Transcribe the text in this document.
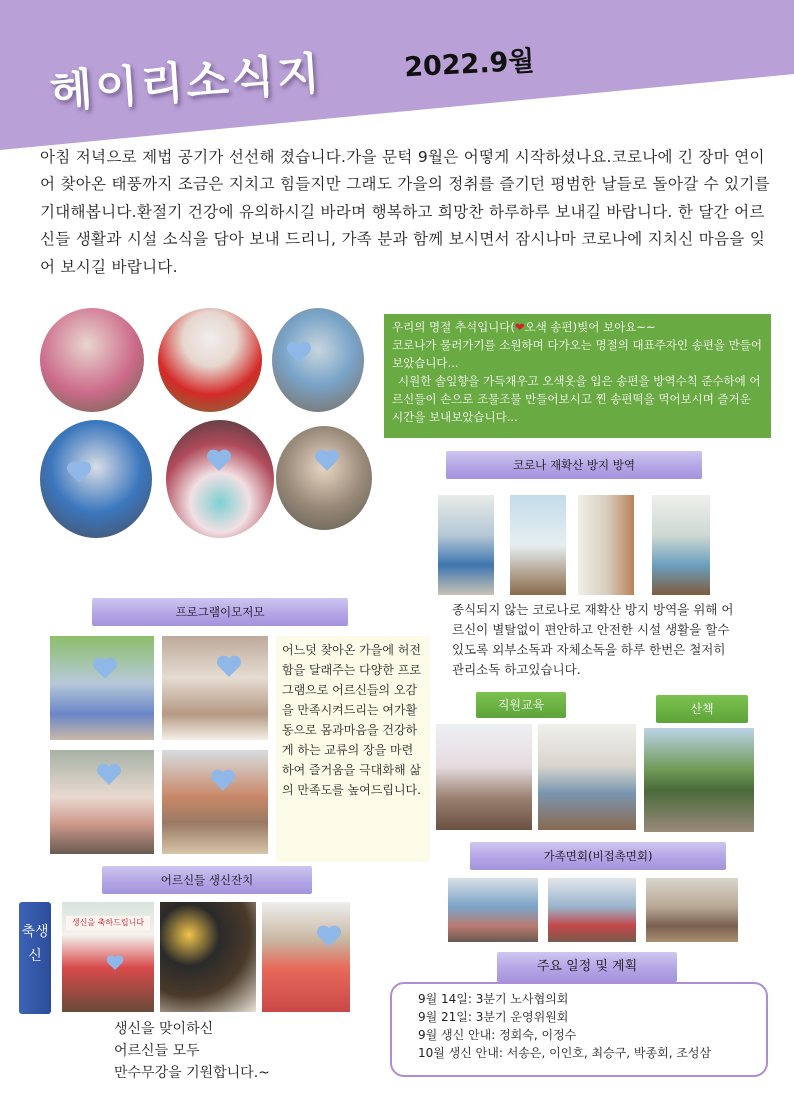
헤이리소식지	2022.9월
아침 저녁으로 제법 공기가 선선해 졌습니다.가을 문턱 9월은 어떻게 시작하셨나요.코로나에 긴 장마 연이어 찾아온 태풍까지 조금은 지치고 힘들지만 그래도 가을의 정취를 즐기던 평범한 날들로 돌아갈 수 있기를 기대해봅니다.환절기 건강에 유의하시길 바라며 행복하고 희망찬 하루하루 보내길 바랍니다. 한 달간 어르신들 생활과 시설 소식을 담아 보내 드리니, 가족 분과 함께 보시면서 잠시나마 코로나에 지치신 마음을 잊어 보시길 바랍니다.

우리의 명절 추석입니다(❤오색 송편)빚어 보아요~~

코로나가 물러가기를 소원하며 다가오는 명절의 대표주자인 송편을 만들어 보았습니다...

시원한 솔잎향을 가득채우고 오색옷을 입은 송편을 방역수칙 준수하에 어르신들이 손으로 조물조물 만들어보시고 찐 송편떡을 먹어보시며 즐거운 시간을 보내보았습니다...

코로나 재확산 방지 방역
종식되지 않는 코로나로 재확산 방지 방역을 위해 어르신이 별탈없이 편안하고 안전한 시설 생활을 할수있도록 외부소독과 자체소독을 하루 한번은 철저히 관리소독 하고있습니다.
프로그램이모저모
어느덧 찾아온 가을에 허전함을 달래주는 다양한 프로그램으로 어르신들의 오감을 만족시켜드리는 여가활동으로 몸과마음을 건강하게 하는 교류의 장을 마련하여 즐거움을 극대화해 삶의 만족도를 높여드립니다.
직원교육	산책
가족면회(비접촉면회)
어르신들 생신잔치
축생신
생신을 축하드립니다
생신을 맞이하신
어르신들 모두
만수무강을 기원합니다.~
주요 일정 및 계획
9월 14일: 3분기 노사협의회
9월 21일: 3분기 운영위원회
9월 생신 안내: 정회숙, 이정수
10월 생신 안내: 서송은, 이인호, 최승구, 박종회, 조성삼
